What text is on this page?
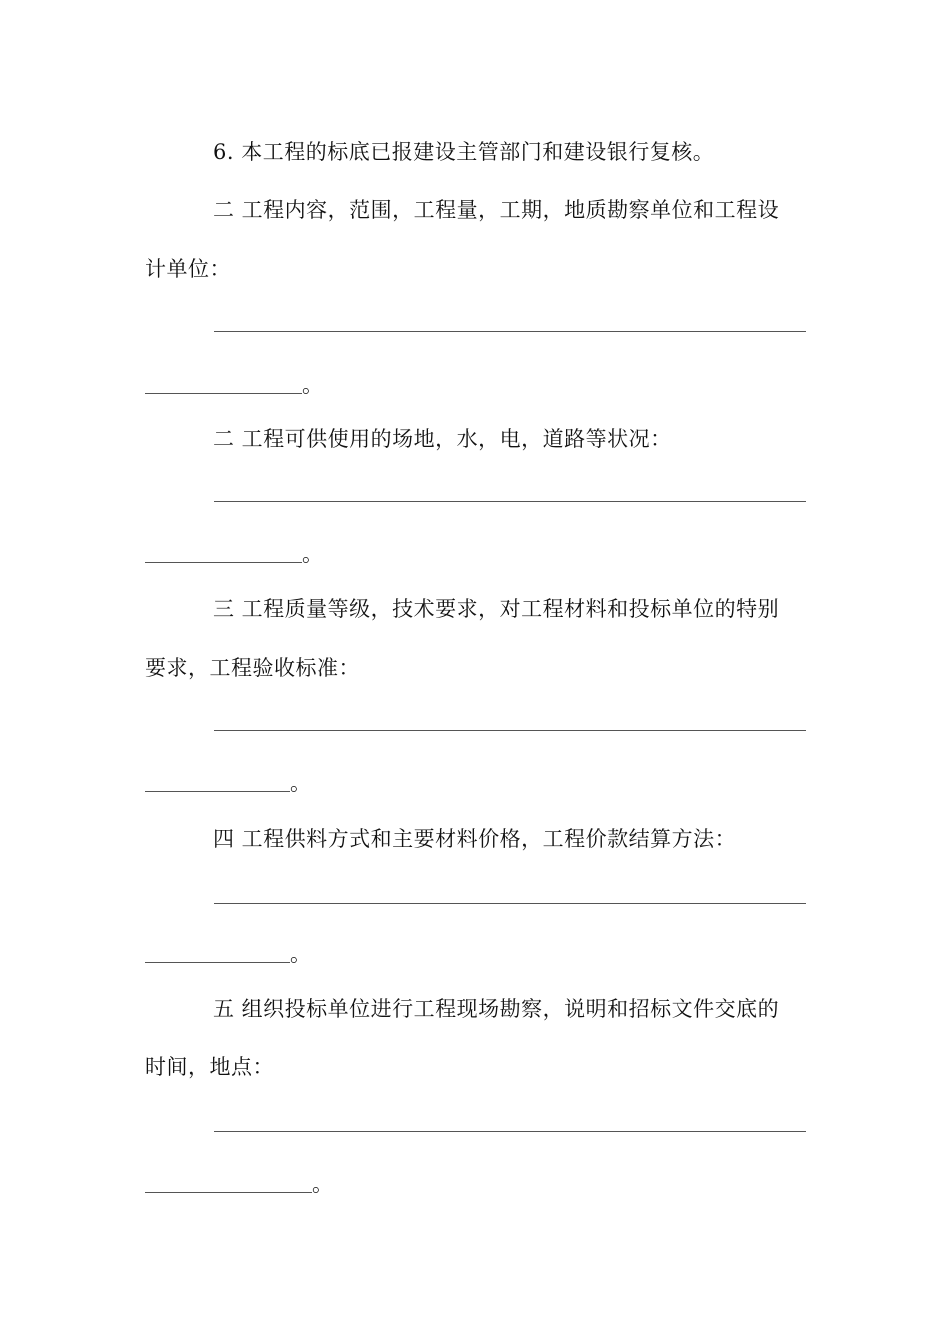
6. 本工程的标底已报建设主管部门和建设银行复核。
二 工程内容，范围，工程量，工期，地质勘察单位和工程设
计单位：
。
二 工程可供使用的场地，水，电，道路等状况：
。
三 工程质量等级，技术要求，对工程材料和投标单位的特别
要求，工程验收标准：
。
四 工程供料方式和主要材料价格，工程价款结算方法：
。
五 组织投标单位进行工程现场勘察，说明和招标文件交底的
时间，地点：
。
